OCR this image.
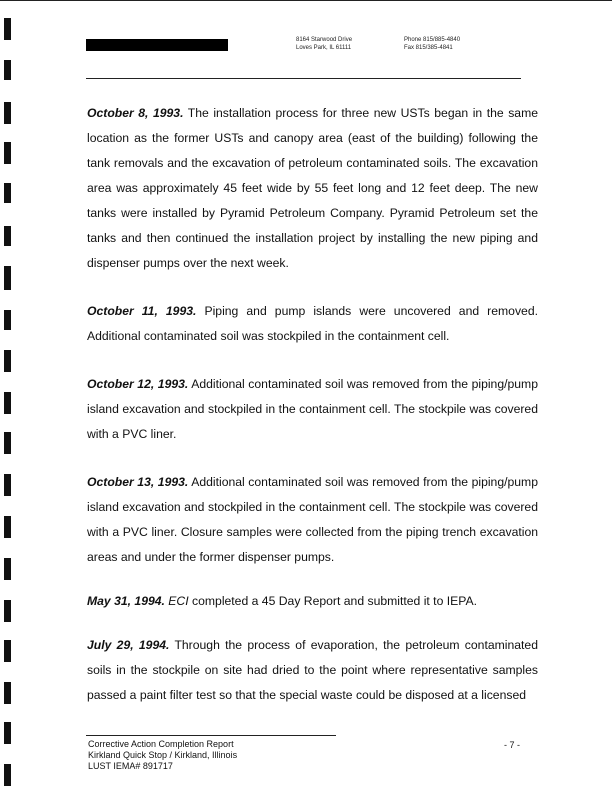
8164 Starwood Drive
Loves Park, IL 61111
Phone 815/885-4840
Fax 815/385-4841

October 8, 1993. The installation process for three new USTs began in the same location as the former USTs and canopy area (east of the building) following the tank removals and the excavation of petroleum contaminated soils. The excavation area was approximately 45 feet wide by 55 feet long and 12 feet deep. The new tanks were installed by Pyramid Petroleum Company. Pyramid Petroleum set the tanks and then continued the installation project by installing the new piping and dispenser pumps over the next week.

October 11, 1993. Piping and pump islands were uncovered and removed. Additional contaminated soil was stockpiled in the containment cell.

October 12, 1993. Additional contaminated soil was removed from the piping/pump island excavation and stockpiled in the containment cell. The stockpile was covered with a PVC liner.

October 13, 1993. Additional contaminated soil was removed from the piping/pump island excavation and stockpiled in the containment cell. The stockpile was covered with a PVC liner. Closure samples were collected from the piping trench excavation areas and under the former dispenser pumps.

May 31, 1994. ECI completed a 45 Day Report and submitted it to IEPA.

July 29, 1994. Through the process of evaporation, the petroleum contaminated soils in the stockpile on site had dried to the point where representative samples passed a paint filter test so that the special waste could be disposed at a licensed

Corrective Action Completion Report
Kirkland Quick Stop / Kirkland, Illinois
LUST IEMA# 891717
- 7 -
